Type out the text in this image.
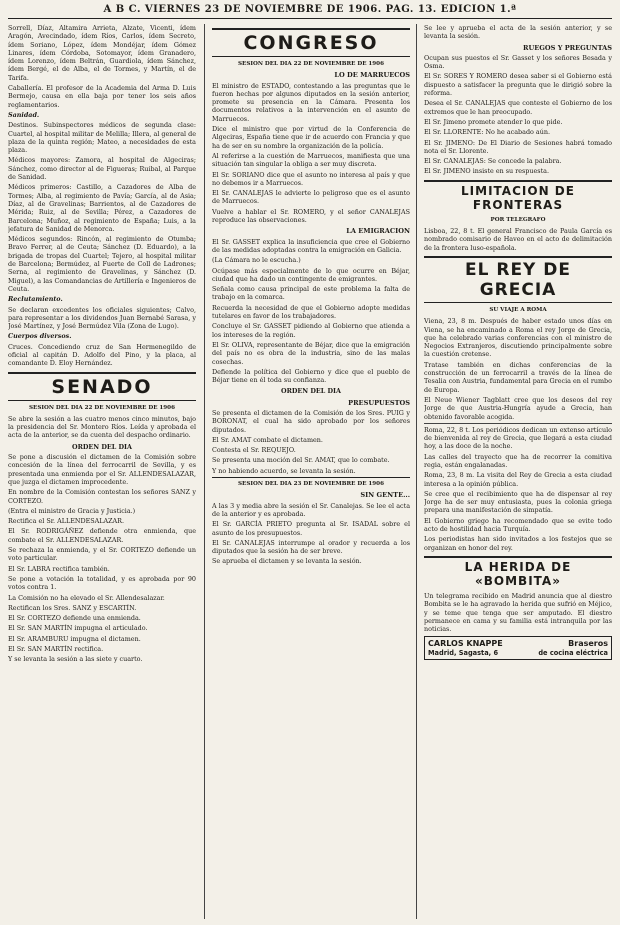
A B C. VIERNES 23 DE NOVIEMBRE DE 1906. PAG. 13. EDICION 1.ª

Sorrell, Díaz, Altamira Arrieta, Alzate, Vicenti, ídem Aragón, Avecindado, ídem Ríos, Carlos, ídem Secreto, ídem Soriano, López, ídem Mondéjar, ídem Gómez Linares, ídem Córdoba, Sotomayor, ídem Granadero, ídem Lorenzo, ídem Beltrán, Guardiola, ídem Sánchez, ídem Bergé, el de Alba, el de Tormes, y Martín, el de Tarifa.

Caballería. El profesor de la Academia del Arma D. Luis Bermejo, causa en ella baja por tener los seis años reglamentarios.

Sanidad.

Destinos. Subinspectores médicos de segunda clase: Cuartel, al hospital militar de Melilla; Illera, al general de plaza de la quinta región; Mateo, a necesidades de esta plaza.

Médicos mayores: Zamora, al hospital de Algeciras; Sánchez, como director al de Figueras; Ruibal, al Parque de Sanidad.

Médicos primeros: Castillo, a Cazadores de Alba de Tormes; Alba, al regimiento de Pavía; García, al de Asia; Díaz, al de Gravelinas; Barrientos, al de Cazadores de Mérida; Ruiz, al de Sevilla; Pérez, a Cazadores de Barcelona; Muñoz, al regimiento de España; Luis, a la jefatura de Sanidad de Menorca.

Médicos segundos: Rincón, al regimiento de Otumba; Bravo Ferrer, al de Ceuta; Sánchez (D. Eduardo), a la brigada de tropas del Cuartel; Tejero, al hospital militar de Barcelona; Bermúdez, al Fuerte de Coll de Ladrones; Serna, al regimiento de Gravelinas, y Sánchez (D. Miguel), a las Comandancias de Artillería e Ingenieros de Ceuta.

Reclutamiento.

Se declaran excedentes los oficiales siguientes; Calvo, para representar a los dividendos Juan Bernabé Sarasa, y José Martínez, y José Bermúdez Vila (Zona de Lugo).

Cuerpos diversos.

Cruces. Concediendo cruz de San Hermenegildo de oficial al capitán D. Adolfo del Pino, y la placa, al comandante D. Eloy Hernández.

SENADO
SESION DEL DIA 22 DE NOVIEMBRE DE 1906

Se abre la sesión a las cuatro menos cinco minutos, bajo la presidencia del Sr. Montero Ríos. Leída y aprobada el acta de la anterior, se da cuenta del despacho ordinario.

ORDEN DEL DIA

Se pone a discusión el dictamen de la Comisión sobre concesión de la línea del ferrocarril de Sevilla, y es presentada una enmienda por el Sr. ALLENDESALAZAR, que juzga el dictamen improcedente.

En nombre de la Comisión contestan los señores SANZ y CORTEZO.

(Entra el ministro de Gracia y Justicia.)

Rectifica el Sr. ALLENDESALAZAR.

El Sr. RODRIGÁÑEZ defiende otra enmienda, que combate el Sr. ALLENDESALAZAR.

Se rechaza la enmienda, y el Sr. CORTEZO defiende un voto particular.

El Sr. LABRA rectifica también.

Se pone a votación la totalidad, y es aprobada por 90 votos contra 1.

La Comisión no ha elevado el Sr. Allendesalazar.

Rectifican los Sres. SANZ y ESCARTÍN.

El Sr. CORTEZO defiende una enmienda.

El Sr. SAN MARTÍN impugna el articulado.

El Sr. ARAMBURU impugna el dictamen.

El Sr. SAN MARTÍN rectifica.

Y se levanta la sesión a las siete y cuarto.

CONGRESO
SESION DEL DIA 22 DE NOVIEMBRE DE 1906
LO DE MARRUECOS

El ministro de ESTADO, contestando a las preguntas que le fueron hechas por algunos diputados en la sesión anterior, promete su presencia en la Cámara. Presenta los documentos relativos a la intervención en el asunto de Marruecos.

Dice el ministro que por virtud de la Conferencia de Algeciras, España tiene que ir de acuerdo con Francia y que ha de ser en su nombre la organización de la policía.

Al referirse a la cuestión de Marruecos, manifiesta que una situación tan singular la obliga a ser muy discreta.

El Sr. SORIANO dice que el asunto no interesa al país y que no debemos ir a Marruecos.

El Sr. CANALEJAS le advierte lo peligroso que es el asunto de Marruecos.

Vuelve a hablar el Sr. ROMERO, y el señor CANALEJAS reproduce las observaciones.

LA EMIGRACION

El Sr. GASSET explica la insuficiencia que cree el Gobierno de las medidas adoptadas contra la emigración en Galicia.

(La Cámara no le escucha.)

Ocúpase más especialmente de lo que ocurre en Béjar, ciudad que ha dado un contingente de emigrantes.

Señala como causa principal de este problema la falta de trabajo en la comarca.

Recuerda la necesidad de que el Gobierno adopte medidas tutelares en favor de los trabajadores.

Concluye el Sr. GASSET pidiendo al Gobierno que atienda a los intereses de la región.

El Sr. OLIVA, representante de Béjar, dice que la emigración del país no es obra de la industria, sino de las malas cosechas.

Defiende la política del Gobierno y dice que el pueblo de Béjar tiene en él toda su confianza.

ORDEN DEL DIA
PRESUPUESTOS

Se presenta el dictamen de la Comisión de los Sres. PUIG y BORONAT, el cual ha sido aprobado por los señores diputados.

El Sr. AMAT combate el dictamen.

Contesta el Sr. REQUEJO.

Se presenta una moción del Sr. AMAT, que lo combate.

Y no habiendo acuerdo, se levanta la sesión.

SESION DEL DIA 23 DE NOVIEMBRE DE 1906
SIN GENTE...

A las 3 y media abre la sesión el Sr. Canalejas. Se lee el acta de la anterior y es aprobada.

El Sr. GARCÍA PRIETO pregunta al Sr. ISADAL sobre el asunto de los presupuestos.

El Sr. CANALEJAS interrumpe al orador y recuerda a los diputados que la sesión ha de ser breve.

Se aprueba el dictamen y se levanta la sesión.

Se lee y aprueba el acta de la sesión anterior, y se levanta la sesión.

RUEGOS Y PREGUNTAS

Ocupan sus puestos el Sr. Gasset y los señores Besada y Osma.

El Sr. SORES Y ROMERO desea saber si el Gobierno está dispuesto a satisfacer la pregunta que le dirigió sobre la reforma.

Desea el Sr. CANALEJAS que conteste el Gobierno de los extremos que le han preocupado.

El Sr. Jimeno promete atender lo que pide.

El Sr. LLORENTE: No he acabado aún.

El Sr. JIMENO: De El Diario de Sesiones habrá tomado nota el Sr. Llorente.

El Sr. CANALEJAS: Se concede la palabra.

El Sr. JIMENO insiste en su respuesta.

LIMITACION DE FRONTERAS
POR TELEGRAFO

Lisboa, 22, 8 t. El general Francisco de Paula García es nombrado comisario de Haveo en el acto de delimitación de la frontera luso-española.

EL REY DE GRECIA
SU VIAJE A ROMA

Viena, 23, 8 m. Después de haber estado unos días en Viena, se ha encaminado a Roma el rey Jorge de Grecia, que ha celebrado varias conferencias con el ministro de Negocios Extranjeros, discutiendo principalmente sobre la cuestión cretense.

Tratase también en dichas conferencias de la construcción de un ferrocarril a través de la línea de Tesalia con Austria, fundamental para Grecia en el rumbo de Europa.

El Neue Wiener Tagblatt cree que los deseos del rey Jorge de que Austria-Hungría ayude a Grecia, han obtenido favorable acogida.

Roma, 22, 8 t. Los periódicos dedican un extenso artículo de bienvenida al rey de Grecia, que llegará a esta ciudad hoy, a las doce de la noche.

Las calles del trayecto que ha de recorrer la comitiva regia, están engalanadas.

Roma, 23, 8 m. La visita del Rey de Grecia a esta ciudad interesa a la opinión pública.

Se cree que el recibimiento que ha de dispensar al rey Jorge ha de ser muy entusiasta, pues la colonia griega prepara una manifestación de simpatía.

El Gobierno griego ha recomendado que se evite todo acto de hostilidad hacia Turquía.

Los periodistas han sido invitados a los festejos que se organizan en honor del rey.

LA HERIDA DE «BOMBITA»

Un telegrama recibido en Madrid anuncia que al diestro Bombita se le ha agravado la herida que sufrió en Méjico, y se teme que tenga que ser amputado. El diestro permanece en cama y su familia está intranquila por las noticias.

CARLOS KNAPPE	Braseros
Madrid, Sagasta, 6	de cocina eléctrica
